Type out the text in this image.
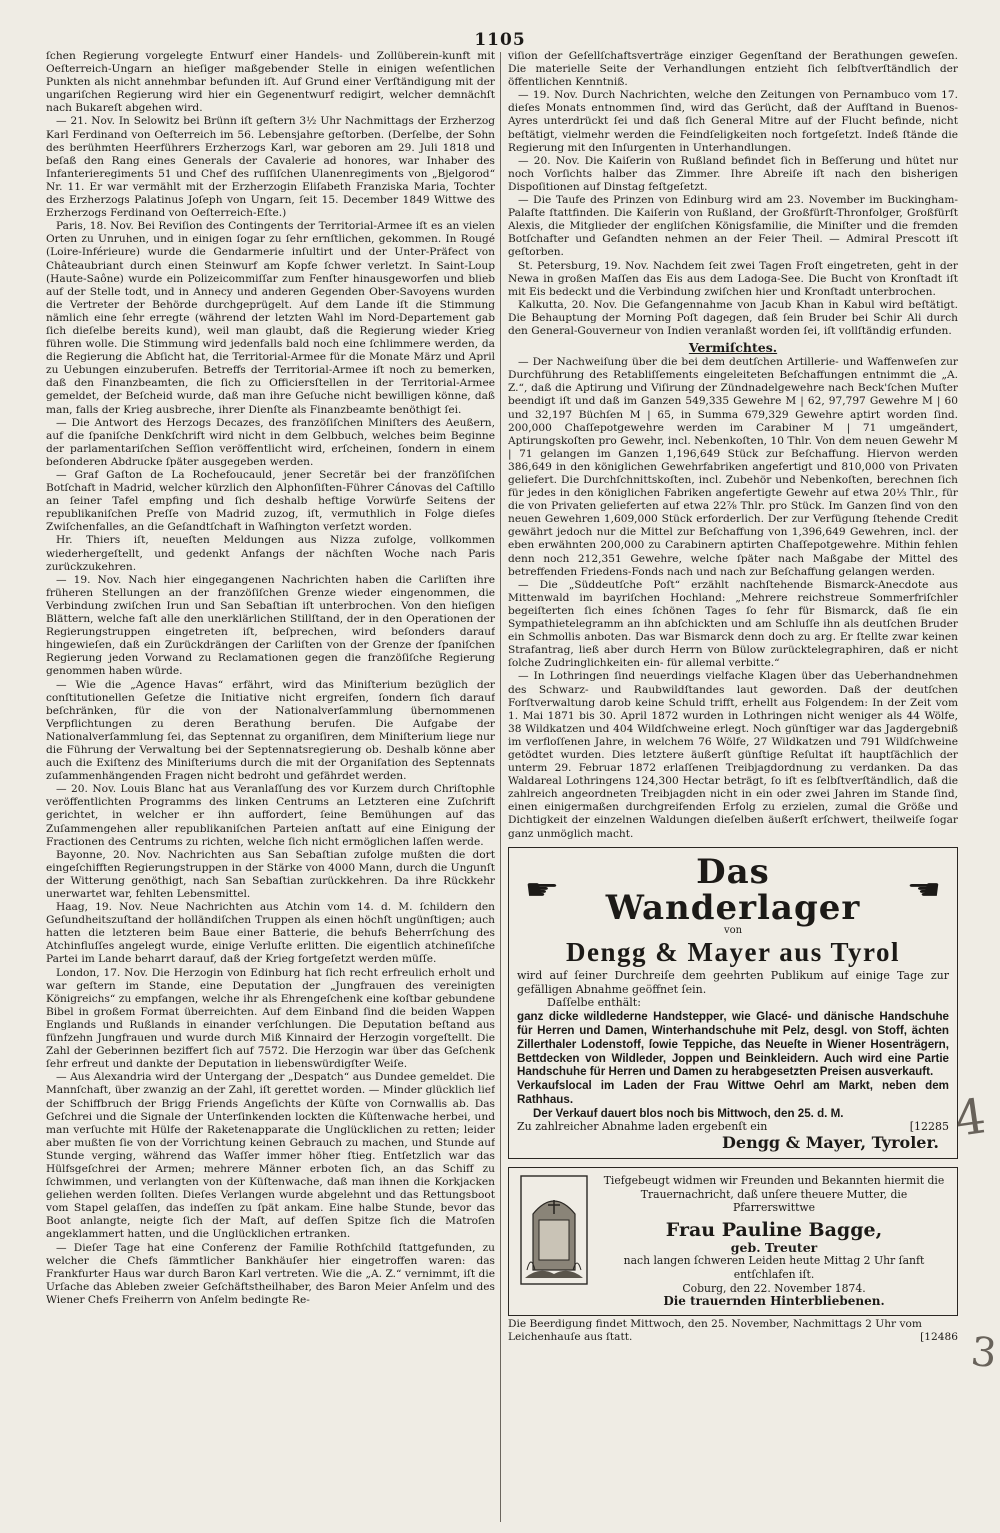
1105

ſchen Regierung vorgelegte Entwurf einer Handels- und Zollüberein-kunft mit Oeſterreich-Ungarn an hieſiger maßgebender Stelle in einigen weſentlichen Punkten als nicht annehmbar befunden iſt. Auf Grund einer Verſtändigung mit der ungariſchen Regierung wird hier ein Gegenentwurf redigirt, welcher demnächſt nach Bukareſt abgehen wird.

— 21. Nov. In Selowitz bei Brünn iſt geſtern 3½ Uhr Nachmittags der Erzherzog Karl Ferdinand von Oeſterreich im 56. Lebensjahre geſtorben. (Derſelbe, der Sohn des berühmten Heerführers Erzherzogs Karl, war geboren am 29. Juli 1818 und beſaß den Rang eines Generals der Cavalerie ad honores, war Inhaber des Infanterieregiments 51 und Chef des ruſſiſchen Ulanenregiments von „Bjelgorod“ Nr. 11. Er war vermählt mit der Erzherzogin Eliſabeth Franziska Maria, Tochter des Erzherzogs Palatinus Joſeph von Ungarn, ſeit 15. December 1849 Wittwe des Erzherzogs Ferdinand von Oeſterreich-Eſte.)

Paris, 18. Nov. Bei Reviſion des Contingents der Territorial-Armee iſt es an vielen Orten zu Unruhen, und in einigen ſogar zu ſehr ernſtlichen, gekommen. In Rougé (Loire-Inférieure) wurde die Gendarmerie inſultirt und der Unter-Präfect von Châteaubriant durch einen Steinwurf am Kopfe ſchwer verletzt. In Saint-Loup (Haute-Saône) wurde ein Polizeicommiſſar zum Fenſter hinausgeworfen und blieb auf der Stelle todt, und in Annecy und anderen Gegenden Ober-Savoyens wurden die Vertreter der Behörde durchgeprügelt. Auf dem Lande iſt die Stimmung nämlich eine ſehr erregte (während der letzten Wahl im Nord-Departement gab ſich dieſelbe bereits kund), weil man glaubt, daß die Regierung wieder Krieg führen wolle. Die Stimmung wird jedenfalls bald noch eine ſchlimmere werden, da die Regierung die Abſicht hat, die Territorial-Armee für die Monate März und April zu Uebungen einzuberufen. Betreffs der Territorial-Armee iſt noch zu bemerken, daß den Finanzbeamten, die ſich zu Officiersſtellen in der Territorial-Armee gemeldet, der Beſcheid wurde, daß man ihre Geſuche nicht bewilligen könne, daß man, falls der Krieg ausbreche, ihrer Dienſte als Finanzbeamte benöthigt ſei.

— Die Antwort des Herzogs Decazes, des franzöſiſchen Miniſters des Aeußern, auf die ſpaniſche Denkſchrift wird nicht in dem Gelbbuch, welches beim Beginne der parlamentariſchen Seſſion veröffentlicht wird, erſcheinen, ſondern in einem beſonderen Abdrucke ſpäter ausgegeben werden.

— Graf Gaſton de La Rochefoucauld, jener Secretär bei der franzöſiſchen Botſchaft in Madrid, welcher kürzlich den Alphonſiſten-Führer Cánovas del Caſtillo an ſeiner Tafel empfing und ſich deshalb heftige Vorwürfe Seitens der republikaniſchen Preſſe von Madrid zuzog, iſt, vermuthlich in Folge dieſes Zwiſchenfalles, an die Geſandtſchaft in Waſhington verſetzt worden.

Hr. Thiers iſt, neueſten Meldungen aus Nizza zufolge, vollkommen wiederhergeſtellt, und gedenkt Anfangs der nächſten Woche nach Paris zurückzukehren.

— 19. Nov. Nach hier eingegangenen Nachrichten haben die Carliſten ihre früheren Stellungen an der franzöſiſchen Grenze wieder eingenommen, die Verbindung zwiſchen Irun und San Sebaſtian iſt unterbrochen. Von den hieſigen Blättern, welche faſt alle den unerklärlichen Stillſtand, der in den Operationen der Regierungstruppen eingetreten iſt, beſprechen, wird beſonders darauf hingewieſen, daß ein Zurückdrängen der Carliſten von der Grenze der ſpaniſchen Regierung jeden Vorwand zu Reclamationen gegen die franzöſiſche Regierung genommen haben würde.

— Wie die „Agence Havas“ erfährt, wird das Miniſterium bezüglich der conſtitutionellen Geſetze die Initiative nicht ergreifen, ſondern ſich darauf beſchränken, für die von der Nationalverſammlung übernommenen Verpflichtungen zu deren Berathung berufen. Die Aufgabe der Nationalverſammlung ſei, das Septennat zu organiſiren, dem Miniſterium liege nur die Führung der Verwaltung bei der Septennatsregierung ob. Deshalb könne aber auch die Exiſtenz des Miniſteriums durch die mit der Organiſation des Septennats zuſammenhängenden Fragen nicht bedroht und gefährdet werden.

— 20. Nov. Louis Blanc hat aus Veranlaſſung des vor Kurzem durch Chriſtophle veröffentlichten Programms des linken Centrums an Letzteren eine Zuſchrift gerichtet, in welcher er ihn auffordert, ſeine Bemühungen auf das Zuſammengehen aller republikaniſchen Parteien anſtatt auf eine Einigung der Fractionen des Centrums zu richten, welche ſich nicht ermöglichen laſſen werde.

Bayonne, 20. Nov. Nachrichten aus San Sebaſtian zufolge mußten die dort eingeſchifften Regierungstruppen in der Stärke von 4000 Mann, durch die Ungunſt der Witterung genöthigt, nach San Sebaſtian zurückkehren. Da ihre Rückkehr unerwartet war, fehlten Lebensmittel.

Haag, 19. Nov. Neue Nachrichten aus Atchin vom 14. d. M. ſchildern den Geſundheitszuſtand der holländiſchen Truppen als einen höchſt ungünſtigen; auch hatten die letzteren beim Baue einer Batterie, die behufs Beherrſchung des Atchinfluſſes angelegt wurde, einige Verluſte erlitten. Die eigentlich atchineſiſche Partei im Lande beharrt darauf, daß der Krieg fortgeſetzt werden müſſe.

London, 17. Nov. Die Herzogin von Edinburg hat ſich recht erfreulich erholt und war geſtern im Stande, eine Deputation der „Jungfrauen des vereinigten Königreichs“ zu empfangen, welche ihr als Ehrengeſchenk eine koſtbar gebundene Bibel in großem Format überreichten. Auf dem Einband ſind die beiden Wappen Englands und Rußlands in einander verſchlungen. Die Deputation beſtand aus fünfzehn Jungfrauen und wurde durch Miß Kinnaird der Herzogin vorgeſtellt. Die Zahl der Geberinnen beziffert ſich auf 7572. Die Herzogin war über das Geſchenk ſehr erfreut und dankte der Deputation in liebenswürdigſter Weiſe.

— Aus Alexandria wird der Untergang der „Despatch“ aus Dundee gemeldet. Die Mannſchaft, über zwanzig an der Zahl, iſt gerettet worden. — Minder glücklich lief der Schiffbruch der Brigg Friends Angeſichts der Küſte von Cornwallis ab. Das Geſchrei und die Signale der Unterſinkenden lockten die Küſtenwache herbei, und man verſuchte mit Hülfe der Raketenapparate die Unglücklichen zu retten; leider aber mußten ſie von der Vorrichtung keinen Gebrauch zu machen, und Stunde auf Stunde verging, während das Waſſer immer höher ſtieg. Entſetzlich war das Hülfsgeſchrei der Armen; mehrere Männer erboten ſich, an das Schiff zu ſchwimmen, und verlangten von der Küſtenwache, daß man ihnen die Korkjacken geliehen werden ſollten. Dieſes Verlangen wurde abgelehnt und das Rettungsboot vom Stapel gelaſſen, das indeſſen zu ſpät ankam. Eine halbe Stunde, bevor das Boot anlangte, neigte ſich der Maſt, auf deſſen Spitze ſich die Matroſen angeklammert hatten, und die Unglücklichen ertranken.

— Dieſer Tage hat eine Conferenz der Familie Rothſchild ſtattgefunden, zu welcher die Chefs ſämmtlicher Bankhäuſer hier eingetroffen waren: das Frankfurter Haus war durch Baron Karl vertreten. Wie die „A. Z.“ vernimmt, iſt die Urſache das Ableben zweier Geſchäftstheilhaber, des Baron Meier Anſelm und des Wiener Chefs Freiherrn von Anſelm bedingte Re-

viſion der Geſellſchaftsverträge einziger Gegenſtand der Berathungen geweſen. Die materielle Seite der Verhandlungen entzieht ſich ſelbſtverſtändlich der öffentlichen Kenntniß.

— 19. Nov. Durch Nachrichten, welche den Zeitungen von Pernambuco vom 17. dieſes Monats entnommen ſind, wird das Gerücht, daß der Aufſtand in Buenos-Ayres unterdrückt ſei und daß ſich General Mitre auf der Flucht befinde, nicht beſtätigt, vielmehr werden die Feindſeligkeiten noch fortgeſetzt. Indeß ſtände die Regierung mit den Inſurgenten in Unterhandlungen.

— 20. Nov. Die Kaiſerin von Rußland befindet ſich in Beſſerung und hütet nur noch Vorſichts halber das Zimmer. Ihre Abreiſe iſt nach den bisherigen Dispoſitionen auf Dinstag feſtgeſetzt.

— Die Taufe des Prinzen von Edinburg wird am 23. November im Buckingham-Palaſte ſtattfinden. Die Kaiſerin von Rußland, der Großfürſt-Thronfolger, Großfürſt Alexis, die Mitglieder der engliſchen Königsfamilie, die Miniſter und die fremden Botſchafter und Geſandten nehmen an der Feier Theil. — Admiral Prescott iſt geſtorben.

St. Petersburg, 19. Nov. Nachdem ſeit zwei Tagen Froſt eingetreten, geht in der Newa in großen Maſſen das Eis aus dem Ladoga-See. Die Bucht von Kronſtadt iſt mit Eis bedeckt und die Verbindung zwiſchen hier und Kronſtadt unterbrochen.

Kalkutta, 20. Nov. Die Gefangennahme von Jacub Khan in Kabul wird beſtätigt. Die Behauptung der Morning Poſt dagegen, daß ſein Bruder bei Schir Ali durch den General-Gouverneur von Indien veranlaßt worden ſei, iſt vollſtändig erfunden.

Vermiſchtes.

— Der Nachweiſung über die bei dem deutſchen Artillerie- und Waffenweſen zur Durchführung des Retabliſſements eingeleiteten Beſchaffungen entnimmt die „A. Z.“, daß die Aptirung und Viſirung der Zündnadelgewehre nach Beck'ſchen Muſter beendigt iſt und daß im Ganzen 549,335 Gewehre M | 62, 97,797 Gewehre M | 60 und 32,197 Büchſen M | 65, in Summa 679,329 Gewehre aptirt worden ſind. 200,000 Chaſſepotgewehre werden im Carabiner M | 71 umgeändert, Aptirungskoſten pro Gewehr, incl. Nebenkoſten, 10 Thlr. Von dem neuen Gewehr M | 71 gelangen im Ganzen 1,196,649 Stück zur Beſchaffung. Hiervon werden 386,649 in den königlichen Gewehrfabriken angefertigt und 810,000 von Privaten geliefert. Die Durchſchnittskoſten, incl. Zubehör und Nebenkoſten, berechnen ſich für jedes in den königlichen Fabriken angefertigte Gewehr auf etwa 20⅓ Thlr., für die von Privaten gelieferten auf etwa 22⅞ Thlr. pro Stück. Im Ganzen ſind von den neuen Gewehren 1,609,000 Stück erforderlich. Der zur Verfügung ſtehende Credit gewährt jedoch nur die Mittel zur Beſchaffung von 1,396,649 Gewehren, incl. der eben erwähnten 200,000 zu Carabinern aptirten Chaſſepotgewehre. Mithin fehlen denn noch 212,351 Gewehre, welche ſpäter nach Maßgabe der Mittel des betreffenden Friedens-Fonds nach und nach zur Beſchaffung gelangen werden.

— Die „Süddeutſche Poſt“ erzählt nachſtehende Bismarck-Anecdote aus Mittenwald im bayriſchen Hochland: „Mehrere reichstreue Sommerfriſchler begeiſterten ſich eines ſchönen Tages ſo ſehr für Bismarck, daß ſie ein Sympathietelegramm an ihn abſchickten und am Schluſſe ihn als deutſchen Bruder ein Schmollis anboten. Das war Bismarck denn doch zu arg. Er ſtellte zwar keinen Strafantrag, ließ aber durch Herrn von Bülow zurücktelegraphiren, daß er nicht ſolche Zudringlichkeiten ein- für allemal verbitte.“

— In Lothringen ſind neuerdings vielfache Klagen über das Ueberhandnehmen des Schwarz- und Raubwildſtandes laut geworden. Daß der deutſchen Forſtverwaltung darob keine Schuld trifft, erhellt aus Folgendem: In der Zeit vom 1. Mai 1871 bis 30. April 1872 wurden in Lothringen nicht weniger als 44 Wölfe, 38 Wildkatzen und 404 Wildſchweine erlegt. Noch günſtiger war das Jagdergebniß im verfloſſenen Jahre, in welchem 76 Wölfe, 27 Wildkatzen und 791 Wildſchweine getödtet wurden. Dies letztere äußerſt günſtige Reſultat iſt hauptſächlich der unterm 29. Februar 1872 erlaſſenen Treibjagdordnung zu verdanken. Da das Waldareal Lothringens 124,300 Hectar beträgt, ſo iſt es ſelbſtverſtändlich, daß die zahlreich angeordneten Treibjagden nicht in ein oder zwei Jahren im Stande ſind, einen einigermaßen durchgreifenden Erfolg zu erzielen, zumal die Größe und Dichtigkeit der einzelnen Waldungen dieſelben äußerſt erſchwert, theilweiſe ſogar ganz unmöglich macht.

☛	Das Wanderlager	☚
von
Dengg & Mayer aus Tyrol
wird auf ſeiner Durchreiſe dem geehrten Publikum auf einige Tage zur gefälligen Abnahme geöffnet ſein.
Daſſelbe enthält:
ganz dicke wildlederne Handstepper, wie Glacé- und dänische Handschuhe für Herren und Damen, Winterhandschuhe mit Pelz, desgl. von Stoff, ächten Zillerthaler Lodenstoff, ſowie Teppiche, das Neueſte in Wiener Hosenträgern, Bettdecken von Wildleder, Joppen und Beinkleidern. Auch wird eine Partie Handschuhe für Herren und Damen zu herabgesetzten Preisen ausverkauft.
Verkaufslocal im Laden der Frau Wittwe Oehrl am Markt, neben dem Rathhaus.
Der Verkauf dauert blos noch bis Mittwoch, den 25. d. M.
Zu zahlreicher Abnahme laden ergebenſt ein	[12285
Dengg & Mayer, Tyroler.
Tiefgebeugt widmen wir Freunden und Bekannten hiermit die Trauernachricht, daß unſere theuere Mutter, die Pfarrerswittwe
Frau Pauline Bagge,
geb. Treuter
nach langen ſchweren Leiden heute Mittag 2 Uhr ſanft entſchlafen iſt.
Coburg, den 22. November 1874.
Die trauernden Hinterbliebenen.
Die Beerdigung findet Mittwoch, den 25. November, Nachmittags 2 Uhr vom Leichenhauſe aus ſtatt.	[12486
4
3
